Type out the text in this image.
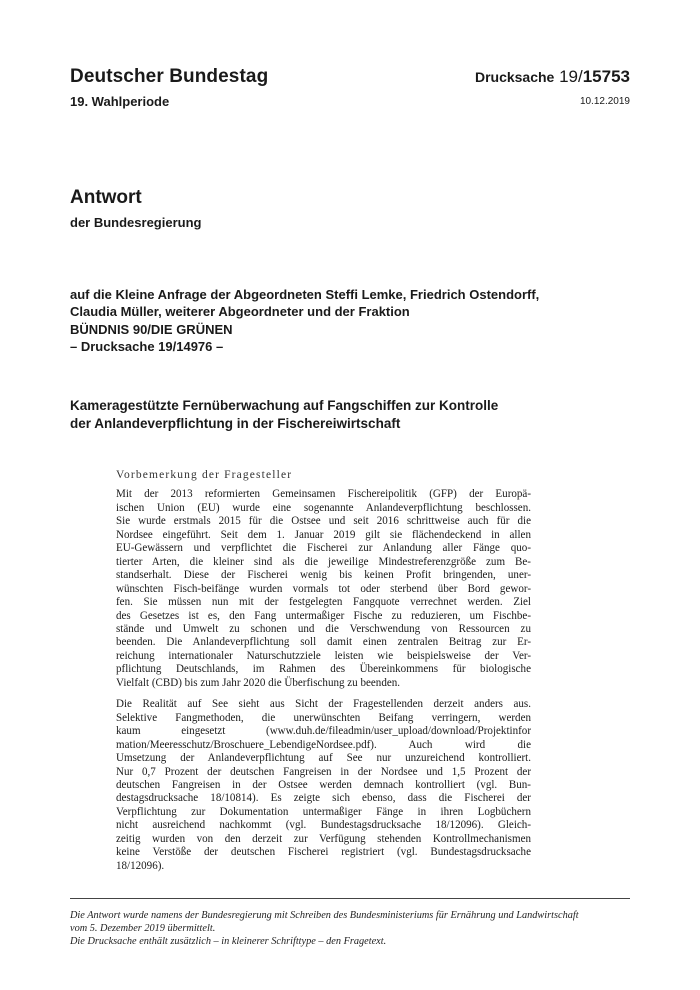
Deutscher Bundestag
19. Wahlperiode
Drucksache 19/15753
10.12.2019
Antwort
der Bundesregierung
auf die Kleine Anfrage der Abgeordneten Steffi Lemke, Friedrich Ostendorff,
Claudia Müller, weiterer Abgeordneter und der Fraktion
BÜNDNIS 90/DIE GRÜNEN
– Drucksache 19/14976 –
Kameragestützte Fernüberwachung auf Fangschiffen zur Kontrolle
der Anlandeverpflichtung in der Fischereiwirtschaft
Vorbemerkung der Fragesteller

Mit der 2013 reformierten Gemeinsamen Fischereipolitik (GFP) der Europä-
ischen Union (EU) wurde eine sogenannte Anlandeverpflichtung beschlossen.
Sie wurde erstmals 2015 für die Ostsee und seit 2016 schrittweise auch für die
Nordsee eingeführt. Seit dem 1. Januar 2019 gilt sie flächendeckend in allen
EU-Gewässern und verpflichtet die Fischerei zur Anlandung aller Fänge quo-
tierter Arten, die kleiner sind als die jeweilige Mindestreferenzgröße zum Be-
standserhalt. Diese der Fischerei wenig bis keinen Profit bringenden, uner-
wünschten Fisch-beifänge wurden vormals tot oder sterbend über Bord gewor-
fen. Sie müssen nun mit der festgelegten Fangquote verrechnet werden. Ziel
des Gesetzes ist es, den Fang untermaßiger Fische zu reduzieren, um Fischbe-
stände und Umwelt zu schonen und die Verschwendung von Ressourcen zu
beenden. Die Anlandeverpflichtung soll damit einen zentralen Beitrag zur Er-
reichung internationaler Naturschutzziele leisten wie beispielsweise der Ver-
pflichtung Deutschlands, im Rahmen des Übereinkommens für biologische
Vielfalt (CBD) bis zum Jahr 2020 die Überfischung zu beenden.

Die Realität auf See sieht aus Sicht der Fragestellenden derzeit anders aus.
Selektive Fangmethoden, die unerwünschten Beifang verringern, werden
kaum eingesetzt (www.duh.de/fileadmin/user_upload/download/Projektinfor
mation/Meeresschutz/Broschuere_LebendigeNordsee.pdf). Auch wird die
Umsetzung der Anlandeverpflichtung auf See nur unzureichend kontrolliert.
Nur 0,7 Prozent der deutschen Fangreisen in der Nordsee und 1,5 Prozent der
deutschen Fangreisen in der Ostsee werden demnach kontrolliert (vgl. Bun-
destagsdrucksache 18/10814). Es zeigte sich ebenso, dass die Fischerei der
Verpflichtung zur Dokumentation untermaßiger Fänge in ihren Logbüchern
nicht ausreichend nachkommt (vgl. Bundestagsdrucksache 18/12096). Gleich-
zeitig wurden von den derzeit zur Verfügung stehenden Kontrollmechanismen
keine Verstöße der deutschen Fischerei registriert (vgl. Bundestagsdrucksache
18/12096).

Die Antwort wurde namens der Bundesregierung mit Schreiben des Bundesministeriums für Ernährung und Landwirtschaft
vom 5. Dezember 2019 übermittelt.
Die Drucksache enthält zusätzlich – in kleinerer Schrifttype – den Fragetext.
